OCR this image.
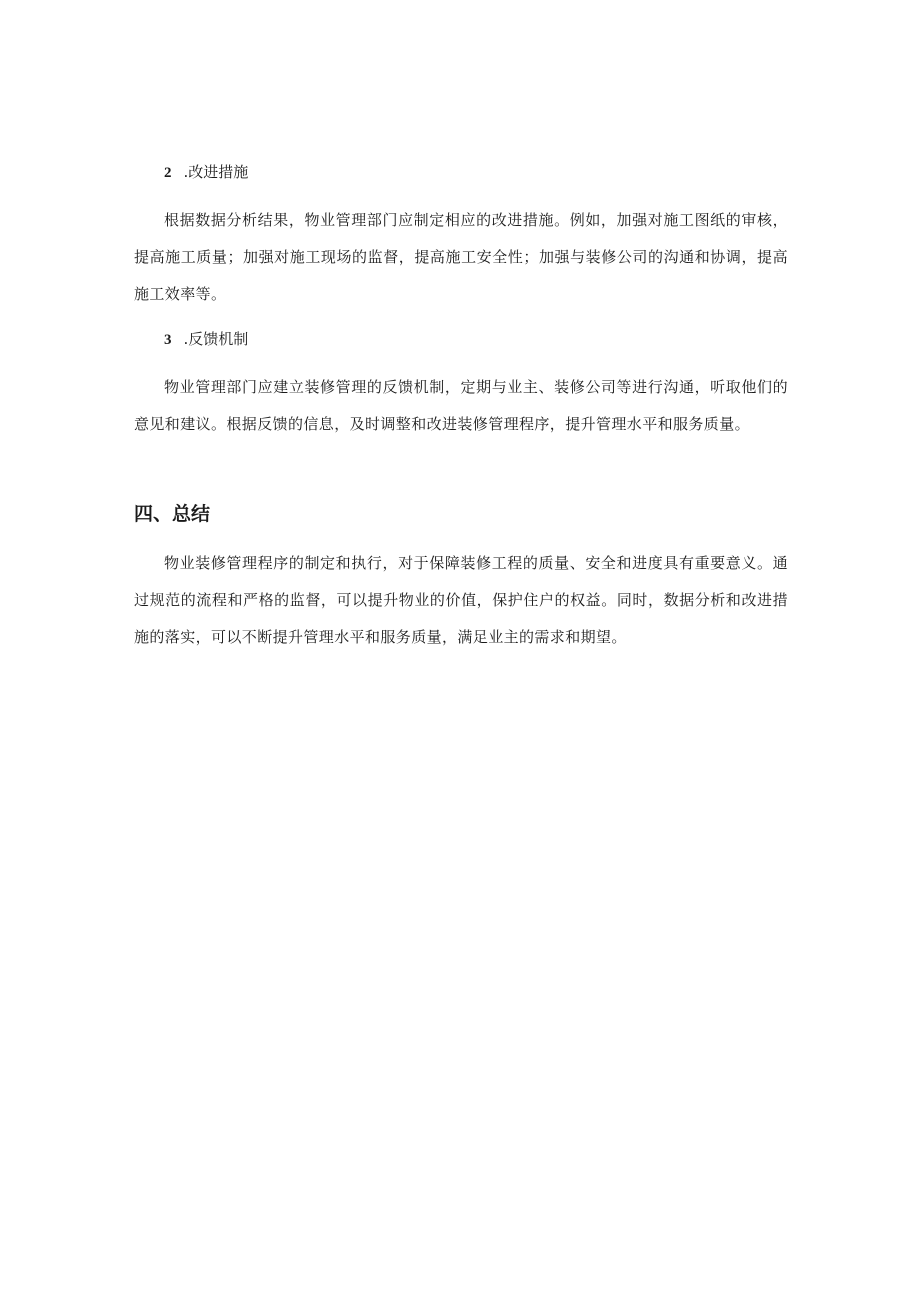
2 .改进措施
根据数据分析结果，物业管理部门应制定相应的改进措施。例如，加强对施工图纸的审核，提高施工质量；加强对施工现场的监督，提高施工安全性；加强与装修公司的沟通和协调，提高施工效率等。
3 .反馈机制
物业管理部门应建立装修管理的反馈机制，定期与业主、装修公司等进行沟通，听取他们的意见和建议。根据反馈的信息，及时调整和改进装修管理程序，提升管理水平和服务质量。
四、总结
物业装修管理程序的制定和执行，对于保障装修工程的质量、安全和进度具有重要意义。通过规范的流程和严格的监督，可以提升物业的价值，保护住户的权益。同时，数据分析和改进措施的落实，可以不断提升管理水平和服务质量，满足业主的需求和期望。
